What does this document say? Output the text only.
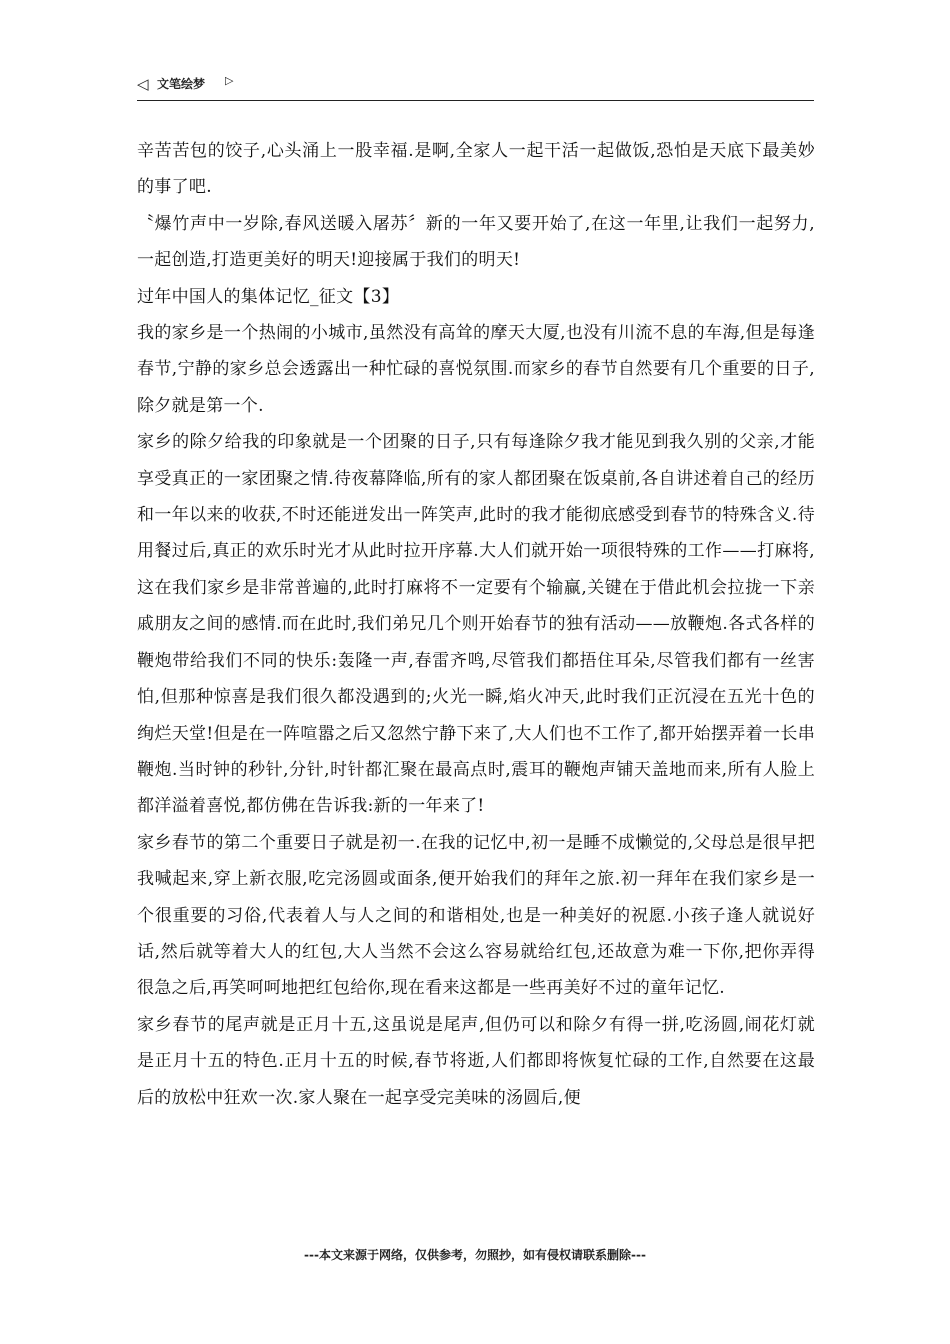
◁ 文笔绘梦 ▷

辛苦苦包的饺子,心头涌上一股幸福.是啊,全家人一起干活一起做饭,恐怕是天底下最美妙的事了吧.

〝爆竹声中一岁除,春风送暖入屠苏〞新的一年又要开始了,在这一年里,让我们一起努力,一起创造,打造更美好的明天!迎接属于我们的明天!

过年中国人的集体记忆_征文【3】

我的家乡是一个热闹的小城市,虽然没有高耸的摩天大厦,也没有川流不息的车海,但是每逢春节,宁静的家乡总会透露出一种忙碌的喜悦氛围.而家乡的春节自然要有几个重要的日子,除夕就是第一个.

家乡的除夕给我的印象就是一个团聚的日子,只有每逢除夕我才能见到我久别的父亲,才能享受真正的一家团聚之情.待夜幕降临,所有的家人都团聚在饭桌前,各自讲述着自己的经历和一年以来的收获,不时还能迸发出一阵笑声,此时的我才能彻底感受到春节的特殊含义.待用餐过后,真正的欢乐时光才从此时拉开序幕.大人们就开始一项很特殊的工作——打麻将,这在我们家乡是非常普遍的,此时打麻将不一定要有个输赢,关键在于借此机会拉拢一下亲戚朋友之间的感情.而在此时,我们弟兄几个则开始春节的独有活动——放鞭炮.各式各样的鞭炮带给我们不同的快乐:轰隆一声,春雷齐鸣,尽管我们都捂住耳朵,尽管我们都有一丝害怕,但那种惊喜是我们很久都没遇到的;火光一瞬,焰火冲天,此时我们正沉浸在五光十色的绚烂天堂!但是在一阵喧嚣之后又忽然宁静下来了,大人们也不工作了,都开始摆弄着一长串鞭炮.当时钟的秒针,分针,时针都汇聚在最高点时,震耳的鞭炮声铺天盖地而来,所有人脸上都洋溢着喜悦,都仿佛在告诉我:新的一年来了!

家乡春节的第二个重要日子就是初一.在我的记忆中,初一是睡不成懒觉的,父母总是很早把我喊起来,穿上新衣服,吃完汤圆或面条,便开始我们的拜年之旅.初一拜年在我们家乡是一个很重要的习俗,代表着人与人之间的和谐相处,也是一种美好的祝愿.小孩子逢人就说好话,然后就等着大人的红包,大人当然不会这么容易就给红包,还故意为难一下你,把你弄得很急之后,再笑呵呵地把红包给你,现在看来这都是一些再美好不过的童年记忆.

家乡春节的尾声就是正月十五,这虽说是尾声,但仍可以和除夕有得一拼,吃汤圆,闹花灯就是正月十五的特色.正月十五的时候,春节将逝,人们都即将恢复忙碌的工作,自然要在这最后的放松中狂欢一次.家人聚在一起享受完美味的汤圆后,便

---本文来源于网络，仅供参考，勿照抄，如有侵权请联系删除---
